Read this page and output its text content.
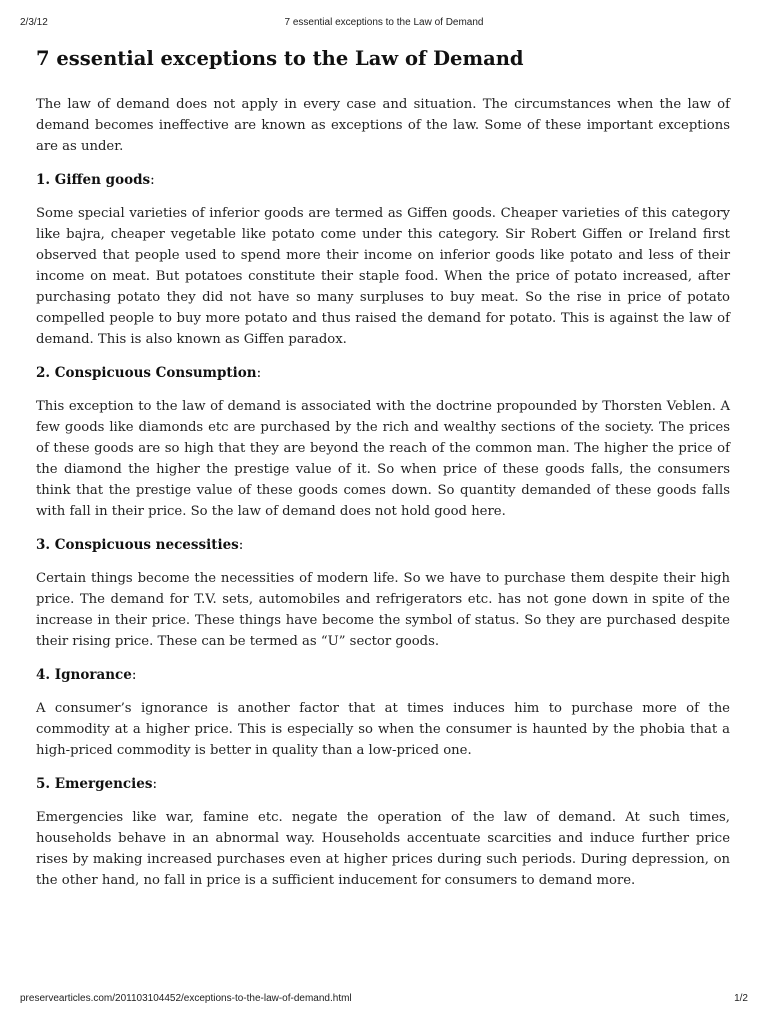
2/3/12	7 essential exceptions to the Law of Demand
7 essential exceptions to the Law of Demand

The law of demand does not apply in every case and situation. The circumstances when the law of demand becomes ineffective are known as exceptions of the law. Some of these important exceptions are as under.

1. Giffen goods:

Some special varieties of inferior goods are termed as Giffen goods. Cheaper varieties of this category like bajra, cheaper vegetable like potato come under this category. Sir Robert Giffen or Ireland first observed that people used to spend more their income on inferior goods like potato and less of their income on meat. But potatoes constitute their staple food. When the price of potato increased, after purchasing potato they did not have so many surpluses to buy meat. So the rise in price of potato compelled people to buy more potato and thus raised the demand for potato. This is against the law of demand. This is also known as Giffen paradox.

2. Conspicuous Consumption:

This exception to the law of demand is associated with the doctrine propounded by Thorsten Veblen. A few goods like diamonds etc are purchased by the rich and wealthy sections of the society. The prices of these goods are so high that they are beyond the reach of the common man. The higher the price of the diamond the higher the prestige value of it. So when price of these goods falls, the consumers think that the prestige value of these goods comes down. So quantity demanded of these goods falls with fall in their price. So the law of demand does not hold good here.

3. Conspicuous necessities:

Certain things become the necessities of modern life. So we have to purchase them despite their high price. The demand for T.V. sets, automobiles and refrigerators etc. has not gone down in spite of the increase in their price. These things have become the symbol of status. So they are purchased despite their rising price. These can be termed as “U” sector goods.

4. Ignorance:

A consumer’s ignorance is another factor that at times induces him to purchase more of the commodity at a higher price. This is especially so when the consumer is haunted by the phobia that a high-priced commodity is better in quality than a low-priced one.

5. Emergencies:

Emergencies like war, famine etc. negate the operation of the law of demand. At such times, households behave in an abnormal way. Households accentuate scarcities and induce further price rises by making increased purchases even at higher prices during such periods. During depression, on the other hand, no fall in price is a sufficient inducement for consumers to demand more.

preservearticles.com/201103104452/exceptions-to-the-law-of-demand.html	1/2
